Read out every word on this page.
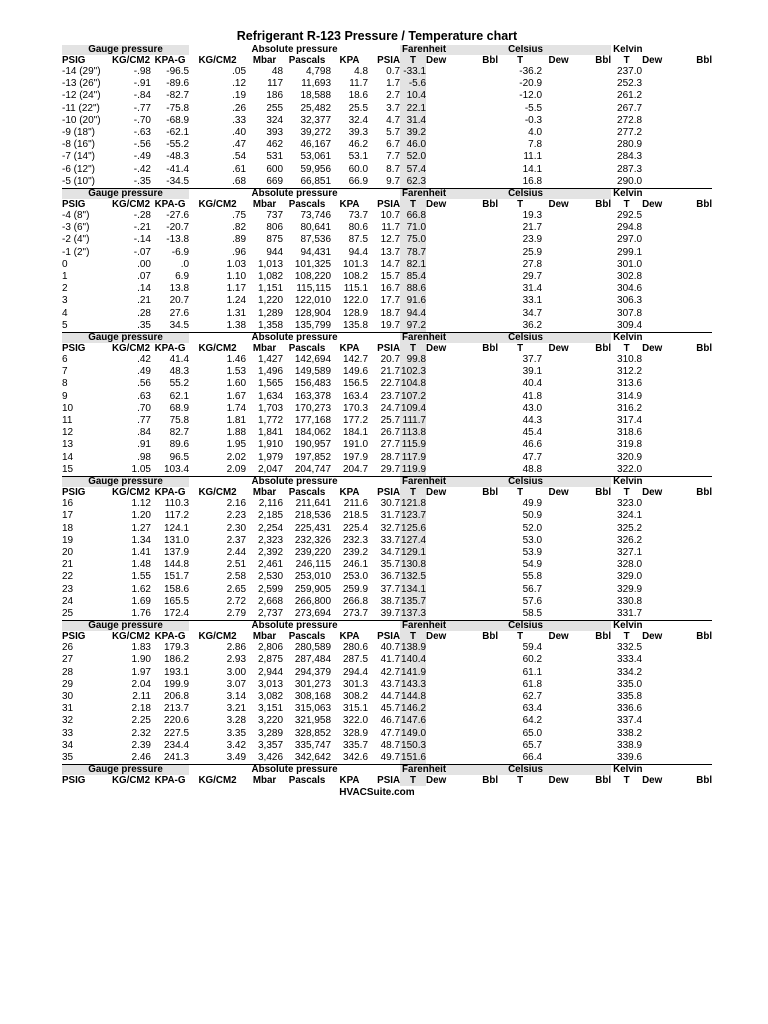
Refrigerant R-123 Pressure / Temperature chart
Gauge pressure			Absolute pressure					Farenheit			Celsius			Kelvin		
PSIG	KG/CM2	KPA-G	KG/CM2	Mbar	Pascals	KPA	PSIA	T	Dew	Bbl	T	Dew	Bbl	T	Dew	Bbl
-14 (29")	-.98	-96.5	.05	48	4,798	4.8	0.7	-33.1			-36.2			237.0		
-13 (26")	-.91	-89.6	.12	117	11,693	11.7	1.7	-5.6			-20.9			252.3		
-12 (24")	-.84	-82.7	.19	186	18,588	18.6	2.7	10.4			-12.0			261.2		
-11 (22")	-.77	-75.8	.26	255	25,482	25.5	3.7	22.1			-5.5			267.7		
-10 (20")	-.70	-68.9	.33	324	32,377	32.4	4.7	31.4			-0.3			272.8		
-9 (18")	-.63	-62.1	.40	393	39,272	39.3	5.7	39.2			4.0			277.2		
-8 (16")	-.56	-55.2	.47	462	46,167	46.2	6.7	46.0			7.8			280.9		
-7 (14")	-.49	-48.3	.54	531	53,061	53.1	7.7	52.0			11.1			284.3		
-6 (12")	-.42	-41.4	.61	600	59,956	60.0	8.7	57.4			14.1			287.3		
-5 (10")	-.35	-34.5	.68	669	66,851	66.9	9.7	62.3			16.8			290.0		
Gauge pressure			Absolute pressure					Farenheit			Celsius			Kelvin		
PSIG	KG/CM2	KPA-G	KG/CM2	Mbar	Pascals	KPA	PSIA	T	Dew	Bbl	T	Dew	Bbl	T	Dew	Bbl
-4 (8")	-.28	-27.6	.75	737	73,746	73.7	10.7	66.8			19.3			292.5		
-3 (6")	-.21	-20.7	.82	806	80,641	80.6	11.7	71.0			21.7			294.8		
-2 (4")	-.14	-13.8	.89	875	87,536	87.5	12.7	75.0			23.9			297.0		
-1 (2")	-.07	-6.9	.96	944	94,431	94.4	13.7	78.7			25.9			299.1		
0	.00	.0	1.03	1,013	101,325	101.3	14.7	82.1			27.8			301.0		
1	.07	6.9	1.10	1,082	108,220	108.2	15.7	85.4			29.7			302.8		
2	.14	13.8	1.17	1,151	115,115	115.1	16.7	88.6			31.4			304.6		
3	.21	20.7	1.24	1,220	122,010	122.0	17.7	91.6			33.1			306.3		
4	.28	27.6	1.31	1,289	128,904	128.9	18.7	94.4			34.7			307.8		
5	.35	34.5	1.38	1,358	135,799	135.8	19.7	97.2			36.2			309.4		
Gauge pressure			Absolute pressure					Farenheit			Celsius			Kelvin		
PSIG	KG/CM2	KPA-G	KG/CM2	Mbar	Pascals	KPA	PSIA	T	Dew	Bbl	T	Dew	Bbl	T	Dew	Bbl
6	.42	41.4	1.46	1,427	142,694	142.7	20.7	99.8			37.7			310.8		
7	.49	48.3	1.53	1,496	149,589	149.6	21.7	102.3			39.1			312.2		
8	.56	55.2	1.60	1,565	156,483	156.5	22.7	104.8			40.4			313.6		
9	.63	62.1	1.67	1,634	163,378	163.4	23.7	107.2			41.8			314.9		
10	.70	68.9	1.74	1,703	170,273	170.3	24.7	109.4			43.0			316.2		
11	.77	75.8	1.81	1,772	177,168	177.2	25.7	111.7			44.3			317.4		
12	.84	82.7	1.88	1,841	184,062	184.1	26.7	113.8			45.4			318.6		
13	.91	89.6	1.95	1,910	190,957	191.0	27.7	115.9			46.6			319.8		
14	.98	96.5	2.02	1,979	197,852	197.9	28.7	117.9			47.7			320.9		
15	1.05	103.4	2.09	2,047	204,747	204.7	29.7	119.9			48.8			322.0		
Gauge pressure			Absolute pressure					Farenheit			Celsius			Kelvin		
PSIG	KG/CM2	KPA-G	KG/CM2	Mbar	Pascals	KPA	PSIA	T	Dew	Bbl	T	Dew	Bbl	T	Dew	Bbl
16	1.12	110.3	2.16	2,116	211,641	211.6	30.7	121.8			49.9			323.0		
17	1.20	117.2	2.23	2,185	218,536	218.5	31.7	123.7			50.9			324.1		
18	1.27	124.1	2.30	2,254	225,431	225.4	32.7	125.6			52.0			325.2		
19	1.34	131.0	2.37	2,323	232,326	232.3	33.7	127.4			53.0			326.2		
20	1.41	137.9	2.44	2,392	239,220	239.2	34.7	129.1			53.9			327.1		
21	1.48	144.8	2.51	2,461	246,115	246.1	35.7	130.8			54.9			328.0		
22	1.55	151.7	2.58	2,530	253,010	253.0	36.7	132.5			55.8			329.0		
23	1.62	158.6	2.65	2,599	259,905	259.9	37.7	134.1			56.7			329.9		
24	1.69	165.5	2.72	2,668	266,800	266.8	38.7	135.7			57.6			330.8		
25	1.76	172.4	2.79	2,737	273,694	273.7	39.7	137.3			58.5			331.7		
Gauge pressure			Absolute pressure					Farenheit			Celsius			Kelvin		
PSIG	KG/CM2	KPA-G	KG/CM2	Mbar	Pascals	KPA	PSIA	T	Dew	Bbl	T	Dew	Bbl	T	Dew	Bbl
26	1.83	179.3	2.86	2,806	280,589	280.6	40.7	138.9			59.4			332.5		
27	1.90	186.2	2.93	2,875	287,484	287.5	41.7	140.4			60.2			333.4		
28	1.97	193.1	3.00	2,944	294,379	294.4	42.7	141.9			61.1			334.2		
29	2.04	199.9	3.07	3,013	301,273	301.3	43.7	143.3			61.8			335.0		
30	2.11	206.8	3.14	3,082	308,168	308.2	44.7	144.8			62.7			335.8		
31	2.18	213.7	3.21	3,151	315,063	315.1	45.7	146.2			63.4			336.6		
32	2.25	220.6	3.28	3,220	321,958	322.0	46.7	147.6			64.2			337.4		
33	2.32	227.5	3.35	3,289	328,852	328.9	47.7	149.0			65.0			338.2		
34	2.39	234.4	3.42	3,357	335,747	335.7	48.7	150.3			65.7			338.9		
35	2.46	241.3	3.49	3,426	342,642	342.6	49.7	151.6			66.4			339.6		
Gauge pressure			Absolute pressure					Farenheit			Celsius			Kelvin		
PSIG	KG/CM2	KPA-G	KG/CM2	Mbar	Pascals	KPA	PSIA	T	Dew	Bbl	T	Dew	Bbl	T	Dew	Bbl
HVACSuite.com
